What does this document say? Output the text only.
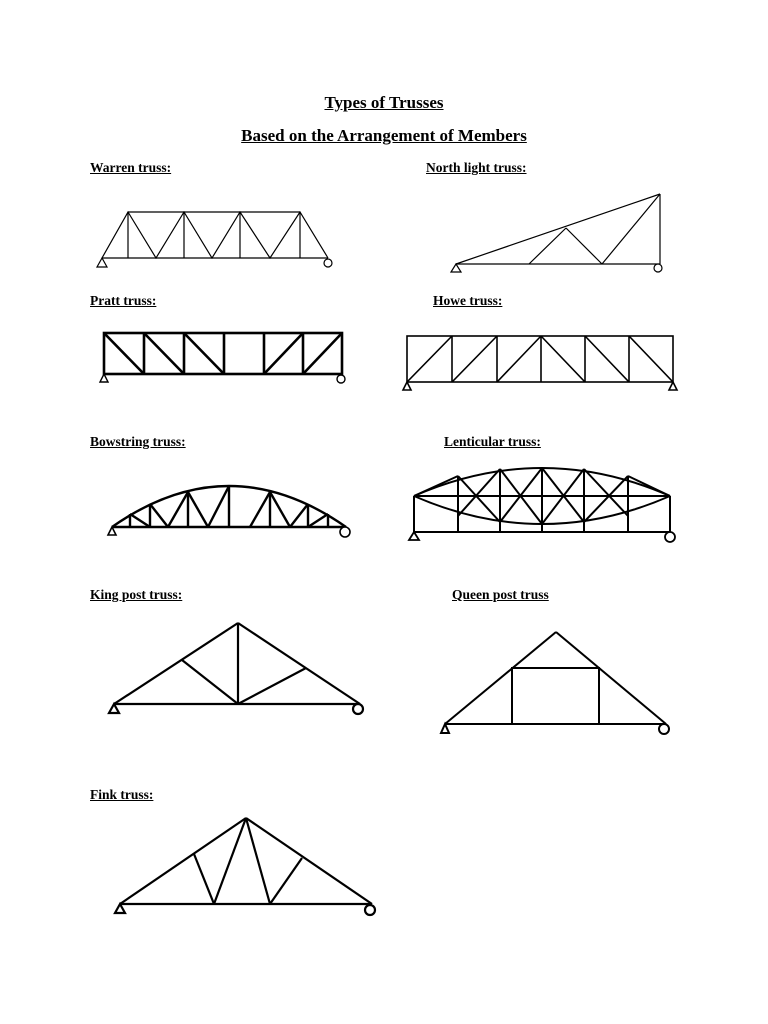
Types of Trusses
Based on the Arrangement of Members
Warren truss:	North light truss:
Pratt truss:	Howe truss:
Bowstring truss:	Lenticular truss:
King post truss:	Queen post truss
Fink truss:
